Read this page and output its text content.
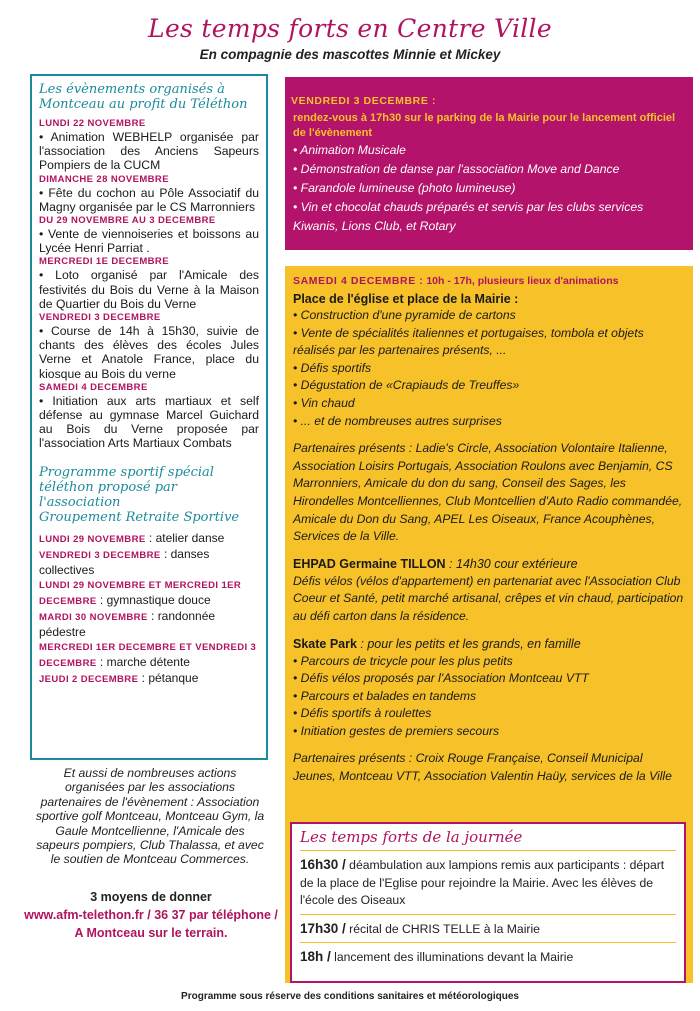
Les temps forts en Centre Ville
En compagnie des mascottes Minnie et Mickey
Les évènements organisés à
Montceau au profit du Téléthon
LUNDI 22 NOVEMBRE
• Animation WEBHELP organisée par l'association des Anciens Sapeurs Pompiers de la CUCM
DIMANCHE 28 NOVEMBRE
• Fête du cochon au Pôle Associatif du Magny organisée par le CS Marronniers
DU 29 NOVEMBRE AU 3 DECEMBRE
• Vente de viennoiseries et boissons au Lycée Henri Parriat .
MERCREDI 1E DECEMBRE
• Loto organisé par l'Amicale des festivités du Bois du Verne à la Maison de Quartier du Bois du Verne
VENDREDI 3 DECEMBRE
• Course de 14h à 15h30, suivie de chants des élèves des écoles Jules Verne et Anatole France, place du kiosque au Bois du verne
SAMEDI 4 DECEMBRE
• Initiation aux arts martiaux et self défense au gymnase Marcel Guichard au Bois du Verne proposée par l'association Arts Martiaux Combats
Programme sportif spécial
téléthon proposé par l'association
Groupement Retraite Sportive
LUNDI 29 NOVEMBRE : atelier danse
VENDREDI 3 DECEMBRE : danses collectives
LUNDI 29 NOVEMBRE ET MERCREDI 1ER DECEMBRE : gymnastique douce
MARDI 30 NOVEMBRE : randonnée pédestre
MERCREDI 1ER DECEMBRE ET VENDREDI 3 DECEMBRE : marche détente
JEUDI 2 DECEMBRE : pétanque
Et aussi de nombreuses actions organisées par les associations partenaires de l'évènement : Association sportive golf Montceau, Montceau Gym, la Gaule Montcellienne, l'Amicale des sapeurs pompiers, Club Thalassa, et avec le soutien de Montceau Commerces.
3 moyens de donner
www.afm-telethon.fr / 36 37 par téléphone /
A Montceau sur le terrain.
VENDREDI 3 DECEMBRE :
rendez-vous à 17h30 sur le parking de la Mairie pour le lancement officiel de l'évènement
• Animation Musicale
• Démonstration de danse par l'association Move and Dance
• Farandole lumineuse (photo lumineuse)
• Vin et chocolat chauds préparés et servis par les clubs services Kiwanis, Lions Club, et Rotary
SAMEDI 4 DECEMBRE : 10h - 17h, plusieurs lieux d'animations
Place de l'église et place de la Mairie :
• Construction d'une pyramide de cartons
• Vente de spécialités italiennes et portugaises, tombola et objets réalisés par les partenaires présents, ...
• Défis sportifs
• Dégustation de «Crapiauds de Treuffes»
• Vin chaud
• ... et de nombreuses autres surprises
Partenaires présents : Ladie's Circle, Association Volontaire Italienne, Association Loisirs Portugais, Association Roulons avec Benjamin, CS Marronniers, Amicale du don du sang, Conseil des Sages, les Hirondelles Montcelliennes, Club Montcellien d'Auto Radio commandée, Amicale du Don du Sang, APEL Les Oiseaux, France Acouphènes, Services de la Ville.
EHPAD Germaine TILLON : 14h30 cour extérieure
Défis vélos (vélos d'appartement) en partenariat avec l'Association Club Coeur et Santé, petit marché artisanal, crêpes et vin chaud, participation au défi carton dans la résidence.
Skate Park : pour les petits et les grands, en famille
• Parcours de tricycle pour les plus petits
• Défis vélos proposés par l'Association Montceau VTT
• Parcours et balades en tandems
• Défis sportifs à roulettes
• Initiation gestes de premiers secours
Partenaires présents : Croix Rouge Française, Conseil Municipal Jeunes, Montceau VTT, Association Valentin Haüy, services de la Ville
Les temps forts de la journée
16h30 / déambulation aux lampions remis aux participants : départ de la place de l'Eglise pour rejoindre la Mairie. Avec les élèves de l'école des Oiseaux
17h30 / récital de CHRIS TELLE à la Mairie
18h / lancement des illuminations devant la Mairie
Programme sous réserve des conditions sanitaires et météorologiques
